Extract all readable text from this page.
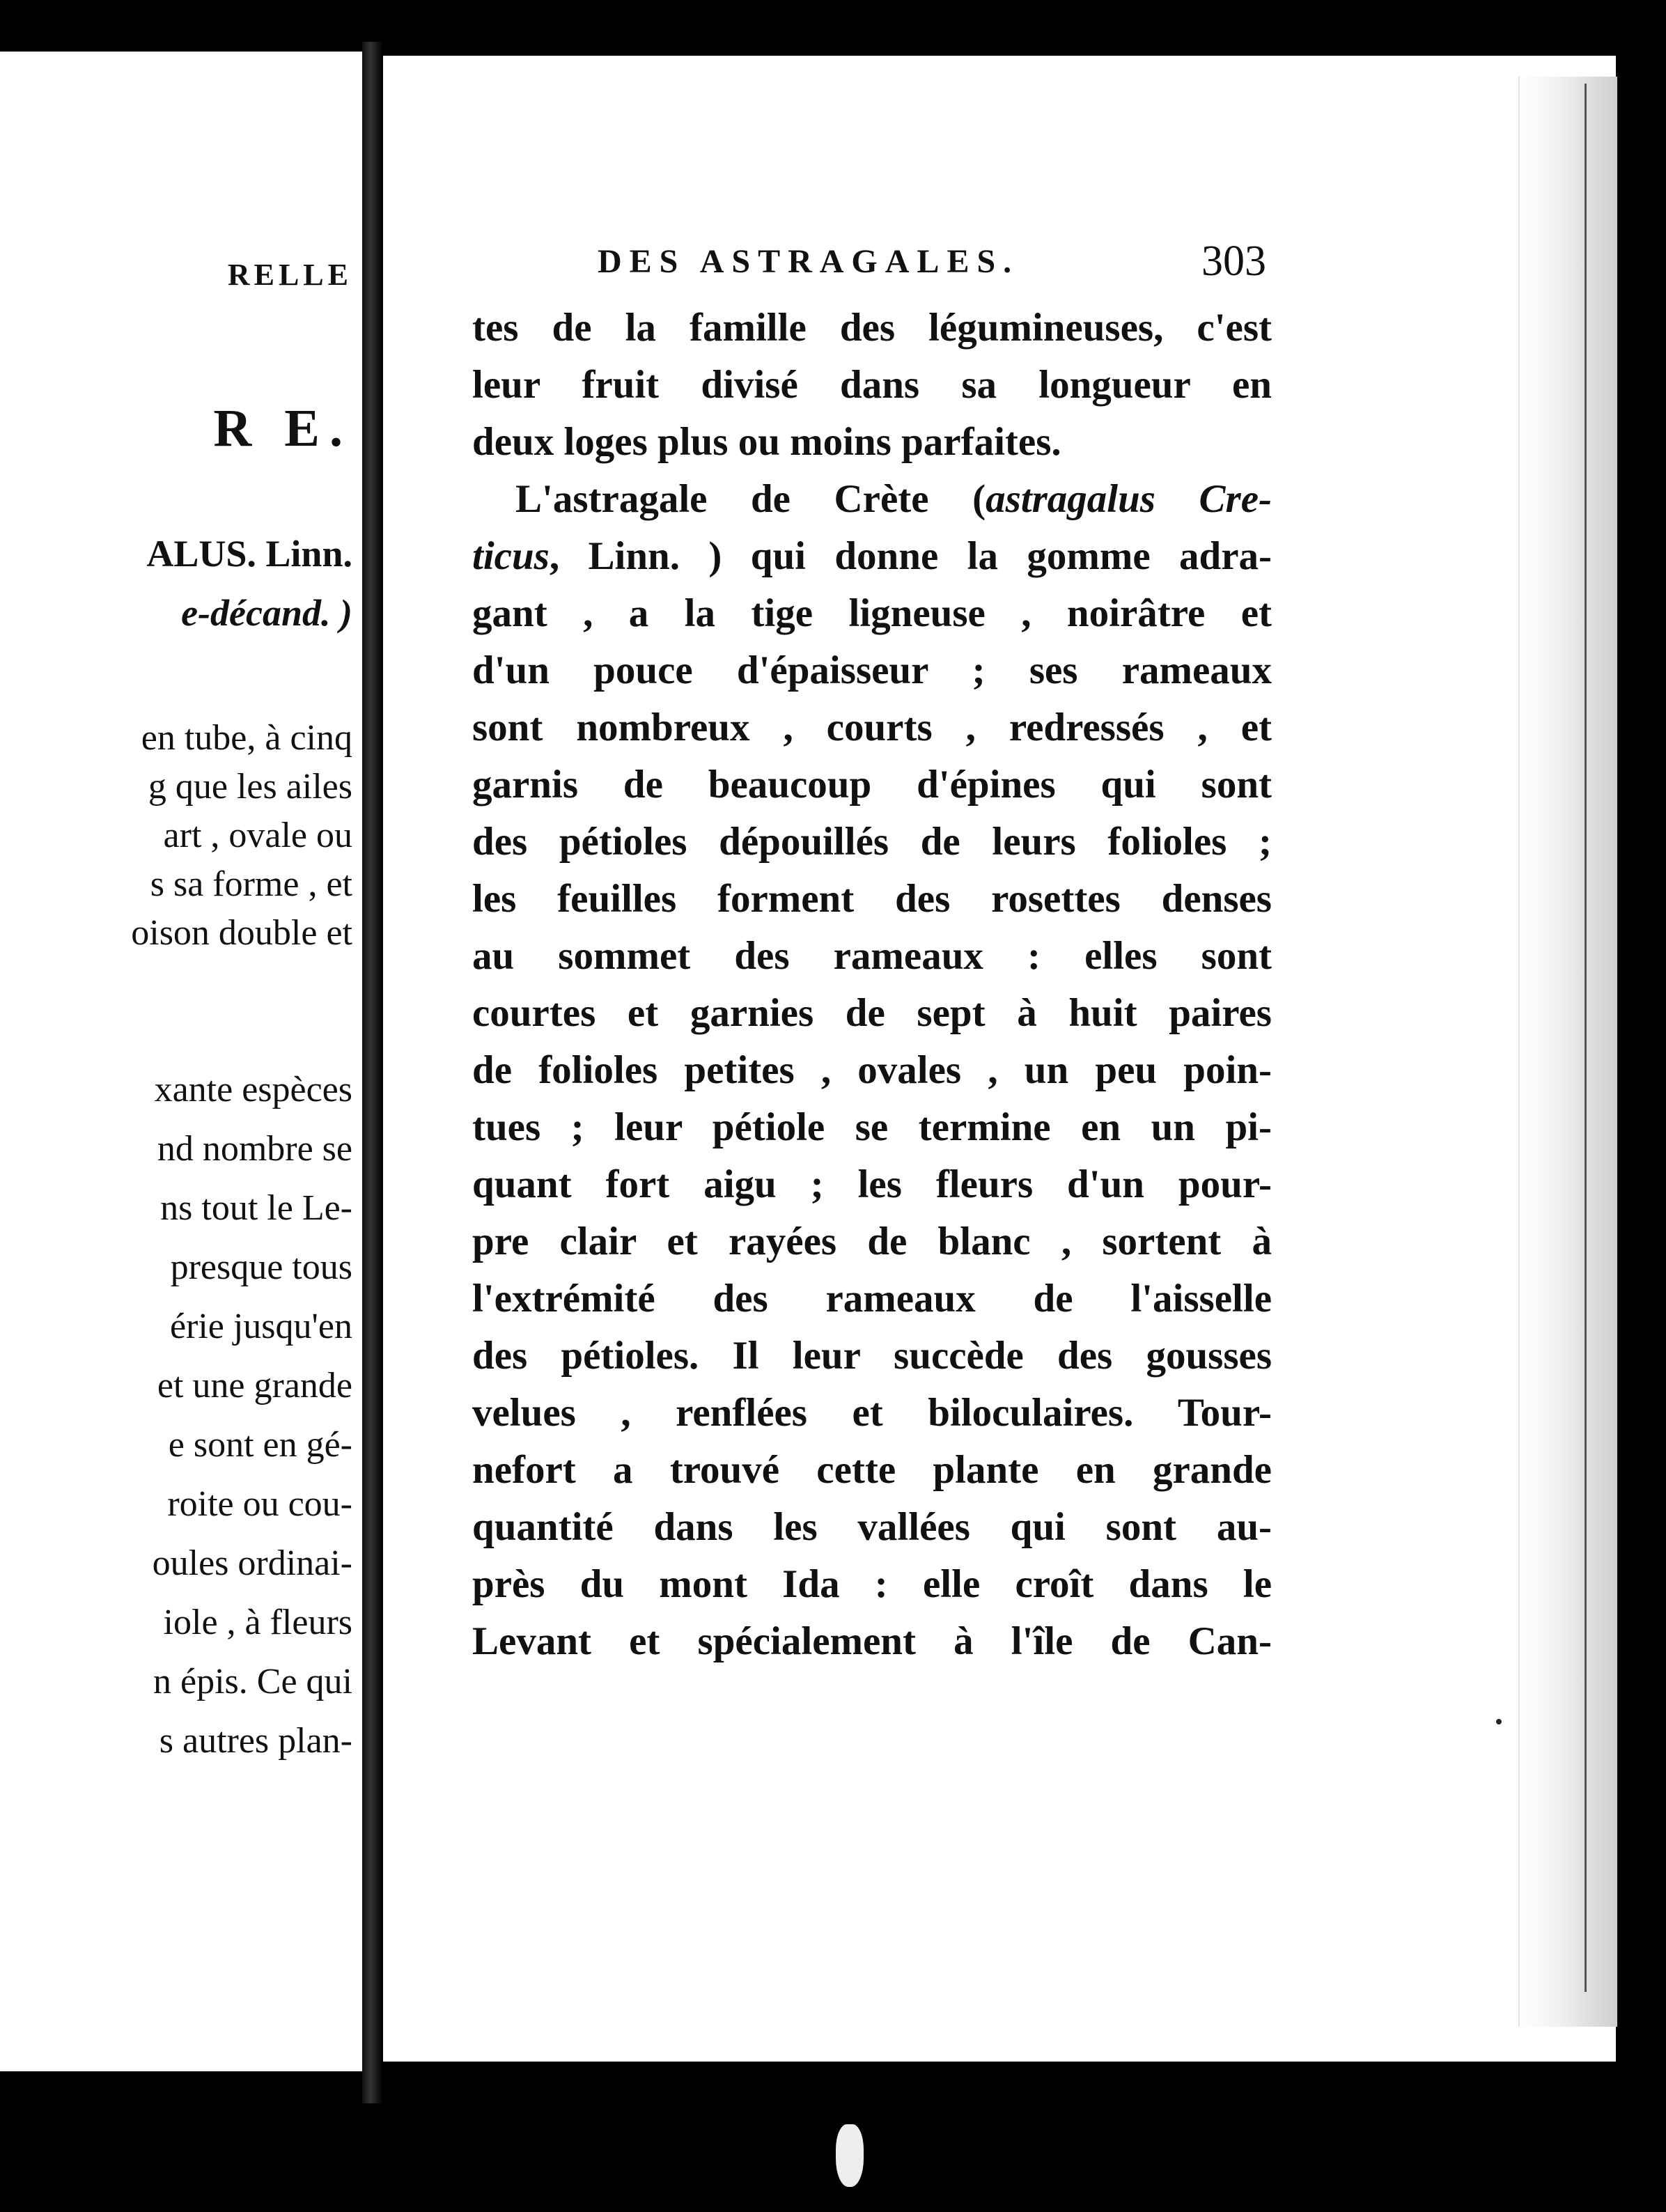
RELLE
R E.
ALUS. Linn.
e-décand. )
en tube, à cinq
g que les ailes
art , ovale ou
s sa forme , et
oison double et
xante espèces
nd nombre se
ns tout le Le-
presque tous
érie jusqu'en
et une grande
e sont en gé-
roite ou cou-
oules ordinai-
iole , à fleurs
n épis. Ce qui
s autres plan-
DES ASTRAGALES.	303
tes de la famille des légumineuses, c'est
leur fruit divisé dans sa longueur en
deux loges plus ou moins parfaites.
L'astragale de Crète (astragalus Cre-
ticus, Linn. ) qui donne la gomme adra-
gant , a la tige ligneuse , noirâtre et
d'un pouce d'épaisseur ; ses rameaux
sont nombreux , courts , redressés , et
garnis de beaucoup d'épines qui sont
des pétioles dépouillés de leurs folioles ;
les feuilles forment des rosettes denses
au sommet des rameaux : elles sont
courtes et garnies de sept à huit paires
de folioles petites , ovales , un peu poin-
tues ; leur pétiole se termine en un pi-
quant fort aigu ; les fleurs d'un pour-
pre clair et rayées de blanc , sortent à
l'extrémité des rameaux de l'aisselle
des pétioles. Il leur succède des gousses
velues , renflées et biloculaires. Tour-
nefort a trouvé cette plante en grande
quantité dans les vallées qui sont au-
près du mont Ida : elle croît dans le
Levant et spécialement à l'île de Can-
